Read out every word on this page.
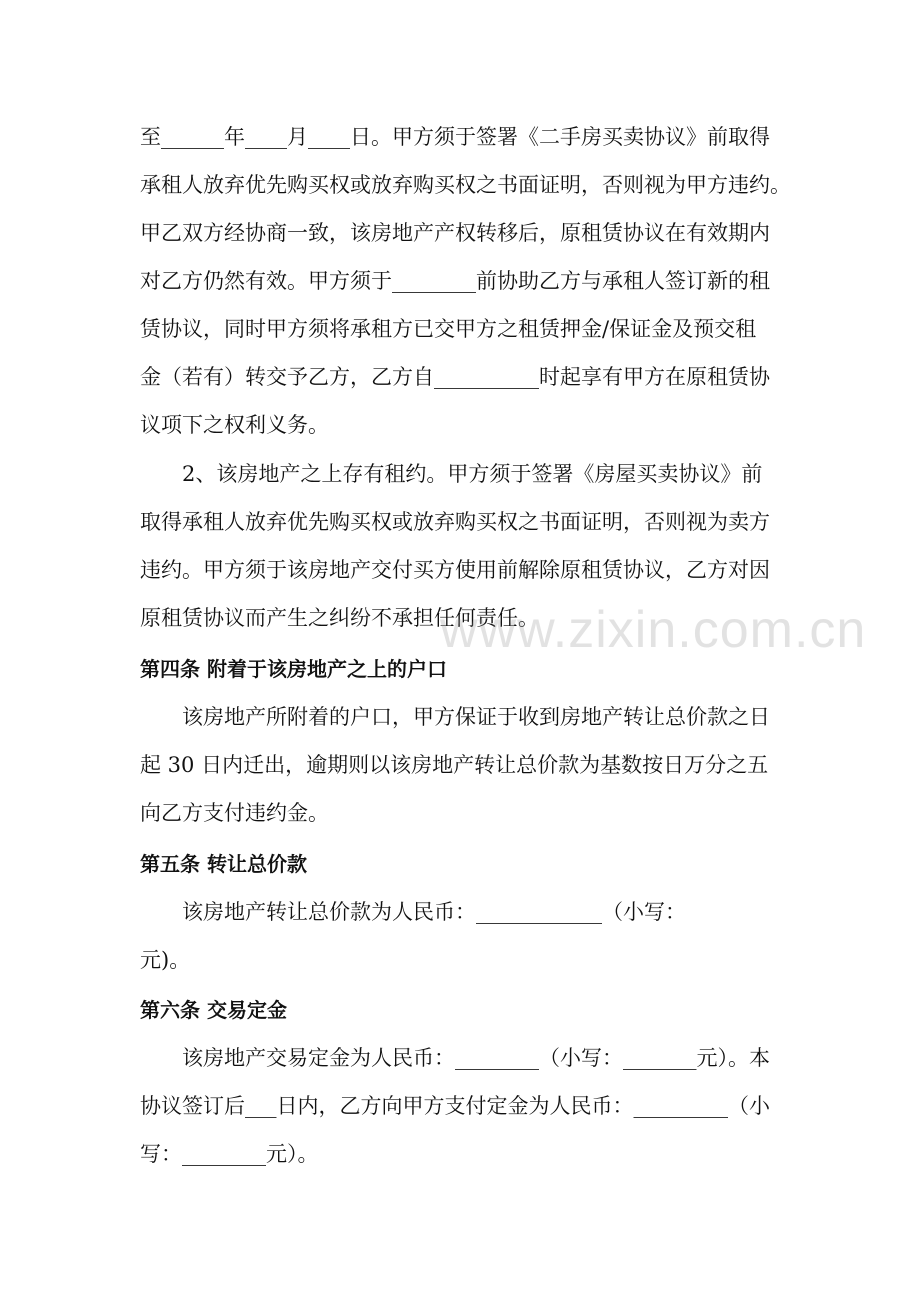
至______年____月____日。甲方须于签署《二手房买卖协议》前取得
承租人放弃优先购买权或放弃购买权之书面证明，否则视为甲方违约。
甲乙双方经协商一致，该房地产产权转移后，原租赁协议在有效期内
对乙方仍然有效。甲方须于________前协助乙方与承租人签订新的租
赁协议，同时甲方须将承租方已交甲方之租赁押金/保证金及预交租
金（若有）转交予乙方，乙方自__________时起享有甲方在原租赁协
议项下之权利义务。
2、该房地产之上存有租约。甲方须于签署《房屋买卖协议》前
取得承租人放弃优先购买权或放弃购买权之书面证明，否则视为卖方
违约。甲方须于该房地产交付买方使用前解除原租赁协议，乙方对因
原租赁协议而产生之纠纷不承担任何责任。
第四条 附着于该房地产之上的户口
该房地产所附着的户口，甲方保证于收到房地产转让总价款之日
起 30 日内迁出，逾期则以该房地产转让总价款为基数按日万分之五
向乙方支付违约金。
第五条 转让总价款
该房地产转让总价款为人民币：____________（小写：
元)。
第六条 交易定金
该房地产交易定金为人民币：________（小写：_______元）。本
协议签订后___日内，乙方向甲方支付定金为人民币：_________（小
写：________元）。
www.zixin.com.cn
